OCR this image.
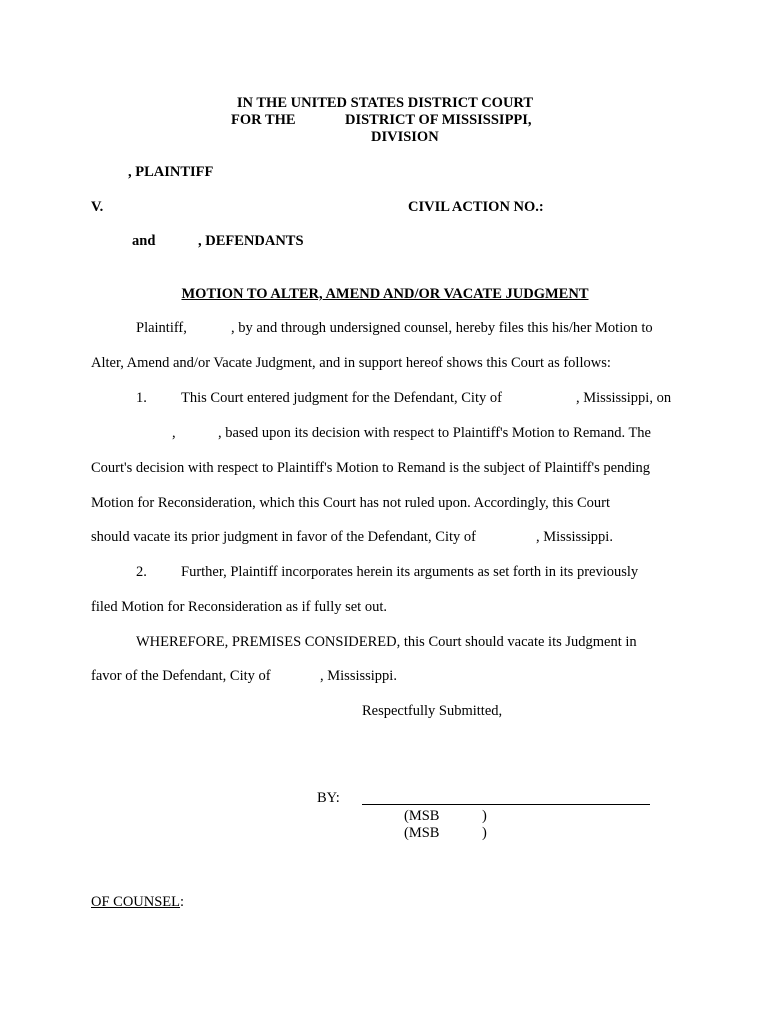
IN THE UNITED STATES DISTRICT COURT
FOR THE	DISTRICT OF MISSISSIPPI,
DIVISION
, PLAINTIFF
V.	CIVIL ACTION NO.:
and	, DEFENDANTS
MOTION TO ALTER, AMEND AND/OR VACATE JUDGMENT
Plaintiff,	, by and through undersigned counsel, hereby files this his/her Motion to
Alter, Amend and/or Vacate Judgment, and in support hereof shows this Court as follows:
1. This Court entered judgment for the Defendant, City of	, Mississippi, on
,	, based upon its decision with respect to Plaintiff's Motion to Remand. The
Court's decision with respect to Plaintiff's Motion to Remand is the subject of Plaintiff's pending
Motion for Reconsideration, which this Court has not ruled upon. Accordingly, this Court
should vacate its prior judgment in favor of the Defendant, City of	, Mississippi.
2. Further, Plaintiff incorporates herein its arguments as set forth in its previously
filed Motion for Reconsideration as if fully set out.
WHEREFORE, PREMISES CONSIDERED, this Court should vacate its Judgment in
favor of the Defendant, City of	, Mississippi.
Respectfully Submitted,
BY:
(MSB	)
(MSB	)
OF COUNSEL:
